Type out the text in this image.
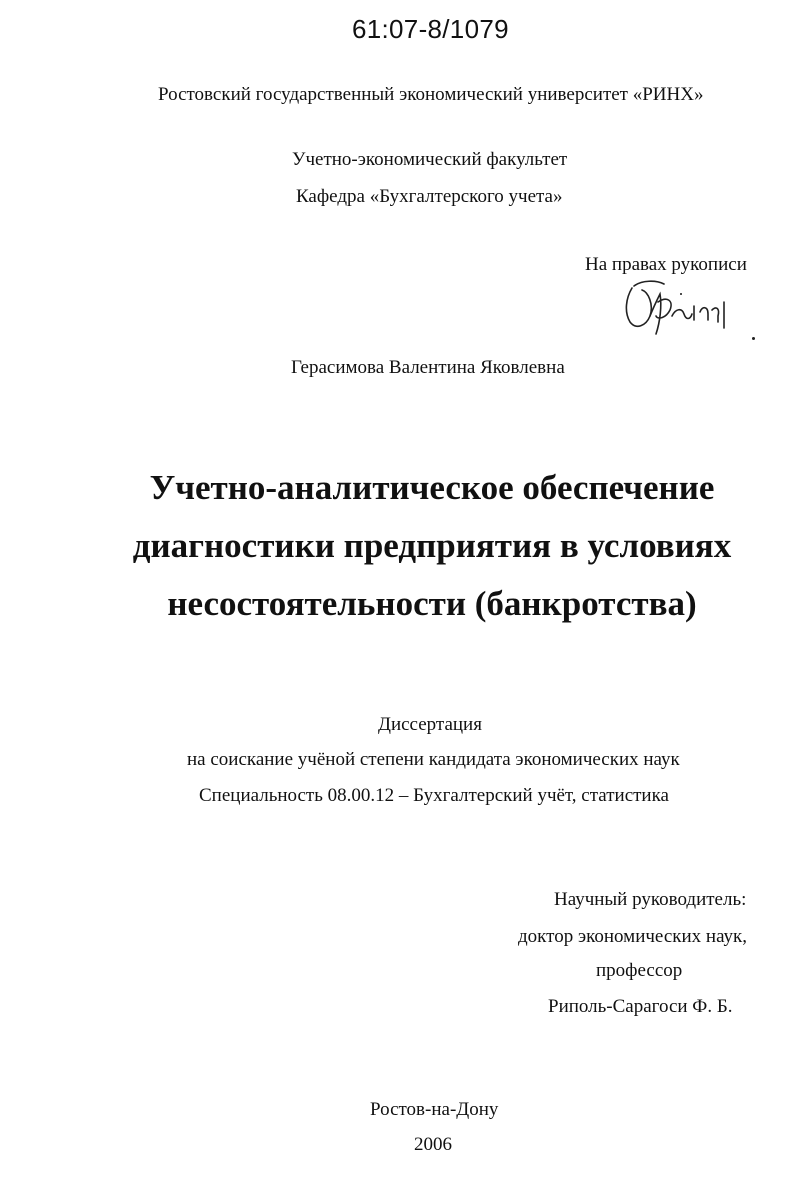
61:07-8/1079
Ростовский государственный экономический университет «РИНХ»
Учетно-экономический факультет
Кафедра «Бухгалтерского учета»
На правах рукописи
Герасимова Валентина Яковлевна
Учетно-аналитическое обеспечение
диагностики предприятия в условиях
несостоятельности (банкротства)
Диссертация
на соискание учёной степени кандидата экономических наук
Специальность 08.00.12 – Бухгалтерский учёт, статистика
Научный руководитель:
доктор экономических наук,
профессор
Риполь-Сарагоси Ф. Б.
Ростов-на-Дону
2006
